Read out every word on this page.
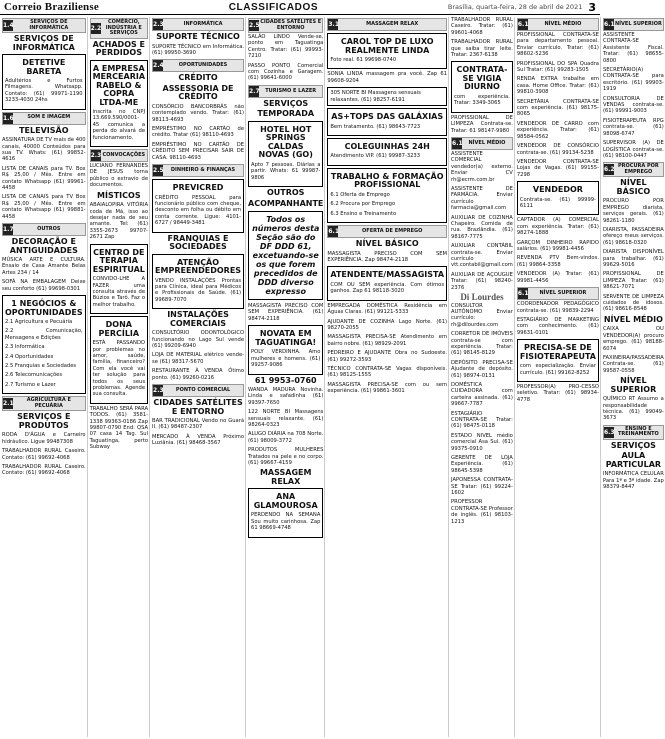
Correio Braziliense	CLASSIFICADOS	Brasília, quarta-feira, 28 de abril de 2021 3
1.4	SERVIÇOS DE INFORMÁTICA
SERVIÇOS DE INFORMÁTICA
DETETIVE BARETA
Adultérios e Furtos Filmagens. Whatsapp. Contato: (61) 99971-1190 3233-4030 24hs
1.6	SOM E IMAGEM
TELEVISÃO
ASSINATURA DE TV mais de 400 canais, 40000 Conteúdos para sua TV. Whats: (61) 99852-4616
LISTA DE CANAIS para TV. Box R$ 25,00 / Mês. Entre em contato Whatsapp (61) 99961-4458
LISTA DE CANAIS para TV Box R$ 25,00 / Mês. Entre em contato Whatsapp (61) 99881-4458
1.7	OUTROS
DECORAÇÃO E ANTIGUIDADES
MÚSICA ARTE E CULTURA. Ensaio de Casa Amante Belas Artes 234 / 14
SOFÁ NA EMBALAGEM Deixe seu conforto (61) 99698-0301
1 NEGÓCIOS & OPORTUNIDADES
2.1 Agricultura e Pecuária
2.2 Comunicação, Mensagens e Edições
2.3 Informática
2.4 Oportunidades
2.5 Franquias e Sociedades
2.6 Telecomunicações
2.7 Turismo e Lazer
2.1	AGRICULTURA E PECUÁRIA
SERVIÇOS E PRODUTOS
RODA D'ÁGUA e Carneiro hidráulico. Ligue 99487308
TRABALHADOR RURAL Caseiro. Contato: (61) 99692-4068
TRABALHADOR RURAL Caseiro. Contato: (61) 99692-4068
2.2
COMÉRCIO, INDÚSTRIA E SERVIÇOS
ACHADOS E PERDIDOS
A EMPRESA MERCEARIA RABELO & COPRA LTDA-ME
inscrita no CNPJ 13.669.590/0001-45 comunica a perda do alvará de funcionamento.
2.3 CONVOCAÇÕES
LUCIANO FERNANDES DE JESUS torna público o extravio de documentos.
MÍSTICOS
ABAIALOPIRA VITÓRIA coda de Má, isso ao desejar nada de seu amante. Tel: (61) 3355-2673 99707-2671 Zap
CENTRO DE TERAPIA ESPIRITUAL
CONVIDO-LHE A FAZER uma consulta através de Búzios e Tarô. Faz o melhor trabalho.
DONA PERCÍLIA
ESTÁ PASSANDO por problemas no amor, saúde, família, financeiro? Com ela você vai ter solução para todos os seus problemas. Agende sua consulta.
TRABALHO SERÁ PARA TODOS. (61) 3581-1338 99363-0186 Zap 99807-0790 End: QSA 07 casa 14 Tag. Sul Taguatinga, perto Subway
2.3	INFORMÁTICA
SUPORTE TÉCNICO
SUPORTE TÉCNICO em Informática. (61) 99950-3690
2.4	OPORTUNIDADES
CRÉDITO
ASSESSORIA DE CRÉDITO
CONSÓRCIO BANCORBRÁS não contemplado vendo. Tratar: (61) 98113-4693
EMPRÉSTIMO NO CARTÃO de crédito. Tratar (61) 98110-4693
EMPRÉSTIMO NO CARTÃO DE CRÉDITO SEM PRECISAR SAIR DE CASA. 98110-4693
2.5	DINHEIRO & FINANÇAS
PREVICRED
CRÉDITO PESSOAL para funcionário público com cheque, desconto em folha ou débito em conta corrente. Ligue: 4101-6727 / 98449-3481
FRANQUIAS E SOCIEDADES
ATENÇÃO EMPREENDEDORES
VENDO INSTALAÇÕES Prontas para Clínica, ideal para Médicos e Profissionais de Saúde. (61) 99689-7070
INSTALAÇÕES COMERCIAIS
CONSULTÓRIO ODONTOLÓGICO funcionando no Lago Sul vende (61) 99209-6940
LOJA DE MATERIAL elétrico vende-se (61) 98317-5670
RESTAURANTE À VENDA Ótimo ponto. (61) 99260-0216
2.3	PONTO COMERCIAL
CIDADES SATÉLITES E ENTORNO
BAR TRADICIONAL Vendo no Guará II. (61) 98487-2307
MERCADO À VENDA Próximo Luziânia. (61) 98468-3567
2.5 CIDADES SATÉLITES E ENTORNO
SALÃO LINDO Vende-se, ponto em Taguatinga Centro. Tratar: (61) 99993-7210
PASSO PONTO Comercial com Cozinha e Garagem. (61) 99641-6000
2.7	TURISMO E LAZER
SERVIÇOS
TEMPORADA
HOTEL HOT SPRINGS CALDAS NOVAS (GO)
Apto 7 pessoas. Diárias a partir. Whats: 61 99987-9806
OUTROS
ACOMPANHANTE
Todos os números desta Seção são do DF DDD 61, excetuando-se os que forem precedidos de DDD diverso expresso
MASSAGISTA PRECISO COM SEM EXPERIÊNCIA. (61) 98474-2118
NOVATA EM TAGUATINGA!
POLY VERDINHA. Amo mulheres e homens. (61) 99257-9086
61 9953-0760
WANDA MADURA Novinha. Linda e safadinha (61) 99397-7650
122 NORTE BI Massagens sensuais relaxante. (61) 98264-0323
ALUGO DIÁRIA na 708 Norte. (61) 98009-3772
PRODUTOS MULHERES Tratados na pele e no corpo. (61) 99667-4159
MASSAGEM RELAX
ANA GLAMOUROSA
PERDENDO NA SEMANA Sou muito carinhosa. Zap 61 98669-4748
3.1	MASSAGEM RELAX
CAROL TOP DE LUXO REALMENTE LINDA
Foto real. 61 99698-0740
SONIA LINDA massagem pra você. Zap 61 99608-9204
305 NORTE BI Massagens sensuais relaxantes. (61) 98257-6191
AS+TOPS DAS GALÁXIAS
Bem tratamento. (61) 98643-7723
COLEGUINHAS 24H
Atendimento VIP. (61) 99987-3233
TRABALHO & FORMAÇÃO PROFISSIONAL
6.1 Oferta de Emprego
6.2 Procura por Emprego
6.3 Ensino e Treinamento
6.1	OFERTA DE EMPREGO
NÍVEL BÁSICO
MASSAGISTA PRECISO COM SEM EXPERIÊNCIA. Zap 98474-2118
ATENDENTE/MASSAGISTA
COM OU SEM experiência. Com ótimos ganhos. Zap 61 98118-3020
EMPREGADA DOMÉSTICA Residência em Águas Claras. (61) 99121-5333
AJUDANTE DE COZINHA Lago Norte. (61) 98270-2055
MASSAGISTA PRECISA-SE Atendimento em bairro nobre. (61) 98929-2091
PEDREIRO E AJUDANTE Obra no Sudoeste. (61) 99272-3593
TÉCNICO CONTRATA-SE Vagas disponíveis. (61) 98125-1555
MASSAGISTA PRECISA-SE com ou sem experiência. (61) 99861-3601
TRABALHADOR RURAL Caseiro. Tratar: (61) 99601-4068
TRABALHADOR RURAL que saiba tirar leite. Tratar: 2367-6138
CONTRATA-SE VIGIA DIURNO
com experiência. Tratar: 3349-3065
PROFISSIONAL DE LIMPEZA Contrata-se. Tratar: 61 98147-9980
6.1	NÍVEL MÉDIO
ASSISTENTE COMERCIAL vendedor(a) externo. Enviar CV rh@ecrm.com.br
ASSISTENTE DE FARMÁCIA. Enviar currículo farmacia@gmail.com
AUXILIAR DE COZINHA Chapeiro. Comida de rua. Brazlândia. (61) 98167-7775
AUXILIAR CONTÁBIL contrata-se. Enviar currículo vtt.contabil@gmail.com
AUXILIAR DE AÇOUGUE Tratar: (61) 98240-2376
Di Lourdes
CONSULTOR AUTÔNOMO Enviar currículo: rh@dilourdes.com
CORRETOR DE IMÓVEIS contrata-se com experiência. Tratar: (61) 98145-8129
DEPÓSITO PRECISA-SE Ajudante de depósito. (61) 98974-0131
DOMÉSTICA CUIDADORA com carteira assinada. (61) 99667-7787
ESTAGIÁRIO CONTRATA-SE Tratar: (61) 98475-0118
ESTADO NIVEL médio comercial Asa Sul. (61) 99375-0910
GERENTE DE LOJA Experiência. (61) 98645-5398
JAPONESSA CONTRATA-SE Tratar: (61) 99224-1602
PROFESSOR CONTRATA-SE Professor de inglês. (61) 98103-1213
6.1	NÍVEL MÉDIO
PROFISSIONAL CONTRATA-SE para departamento pessoal. Enviar currículo. Tratar: (61) 98602-5236
PROFISSIONAL DO SPA Quadra Sul Tratar: (61) 99283-1505
RENDA EXTRA trabalhe em casa. Home Office. Tratar: (61) 99810-3908
SECRETÁRIA CONTRATA-SE com experiência. (61) 98175-8065
VENDEDOR DE CARRO com experiência. Tratar: (61) 98584-0562
VENDEDOR DE CONSÓRCIO contrata-se. (61) 99134-5238
VENDEDOR CONTRATA-SE Lojas de Vagas. (61) 99155-7298
VENDEDOR
Contrata-se. (61) 99999-6111
CAPTADOR (A) COMERCIAL com experiência. Tratar: (61) 98274-1888
GARÇOM DINHEIRO RAPIDO salários. (61) 99981-4456
REVENDA PTV Bem-vindos. (61) 99864-3358
VENDEDOR (A) Tratar: (61) 99981-4456
6.1	NÍVEL SUPERIOR
COORDENADOR PEDAGÓGICO contrata-se. (61) 99839-2294
ESTAGIÁRIO DE MARKETING com conhecimento. (61) 99631-0101
PRECISA-SE DE FISIOTERAPEUTA
com especialização. Enviar currículo. (61) 99162-8252
PROFESSOR(A) PRO-CESSO seletivo. Tratar: (61) 98934-4778
6.1 NÍVEL SUPERIOR
ASSISTENTE CONTRATA-SE Assistente Fiscal. Tratar: (61) 98655-0800
SECRETÁRIO(A) CONTRATA-SE para escritório. (61) 99903-1919
CONSULTORIA DE VENDAS contrata-se. (61) 99991-9003
FISIOTERAPEUTA RPG contrata-se. (61) 98098-6747
SUPERVISOR (A) DE LOGÍSTICA contrata-se. (61) 98100-0447
6.2 PROCURA POR EMPREGO
NÍVEL BÁSICO
PROCURO POR EMPREGO diarista, serviços gerais. (61) 98261-1180
DIARISTA, PASSADEIRA ofereço meus serviços. (61) 98618-0320
DIARISTA DISPONÍVEL para trabalhar. (61) 99629-5016
PROFISSIONAL DE LIMPEZA Tratar: (61) 98621-7071
SERVENTE DE LIMPEZA cuidados de idosos. (61) 98616-8548
NÍVEL MÉDIO
CAIXA OU VENDEDOR(A) procuro emprego. (61) 98188-6074
FAXINEIRA/PASSADEIRA Contrata-se. (61) 99587-0558
NÍVEL SUPERIOR
QUÍMICO RT Assumo a responsabilidade técnica. (61) 99049-3673
6.3	ENSINO E TREINAMENTO
SERVIÇOS
AULA PARTICULAR
INFORMÁTICA CELULAR Para 1ª e 3ª idade. Zap 98379-8447
